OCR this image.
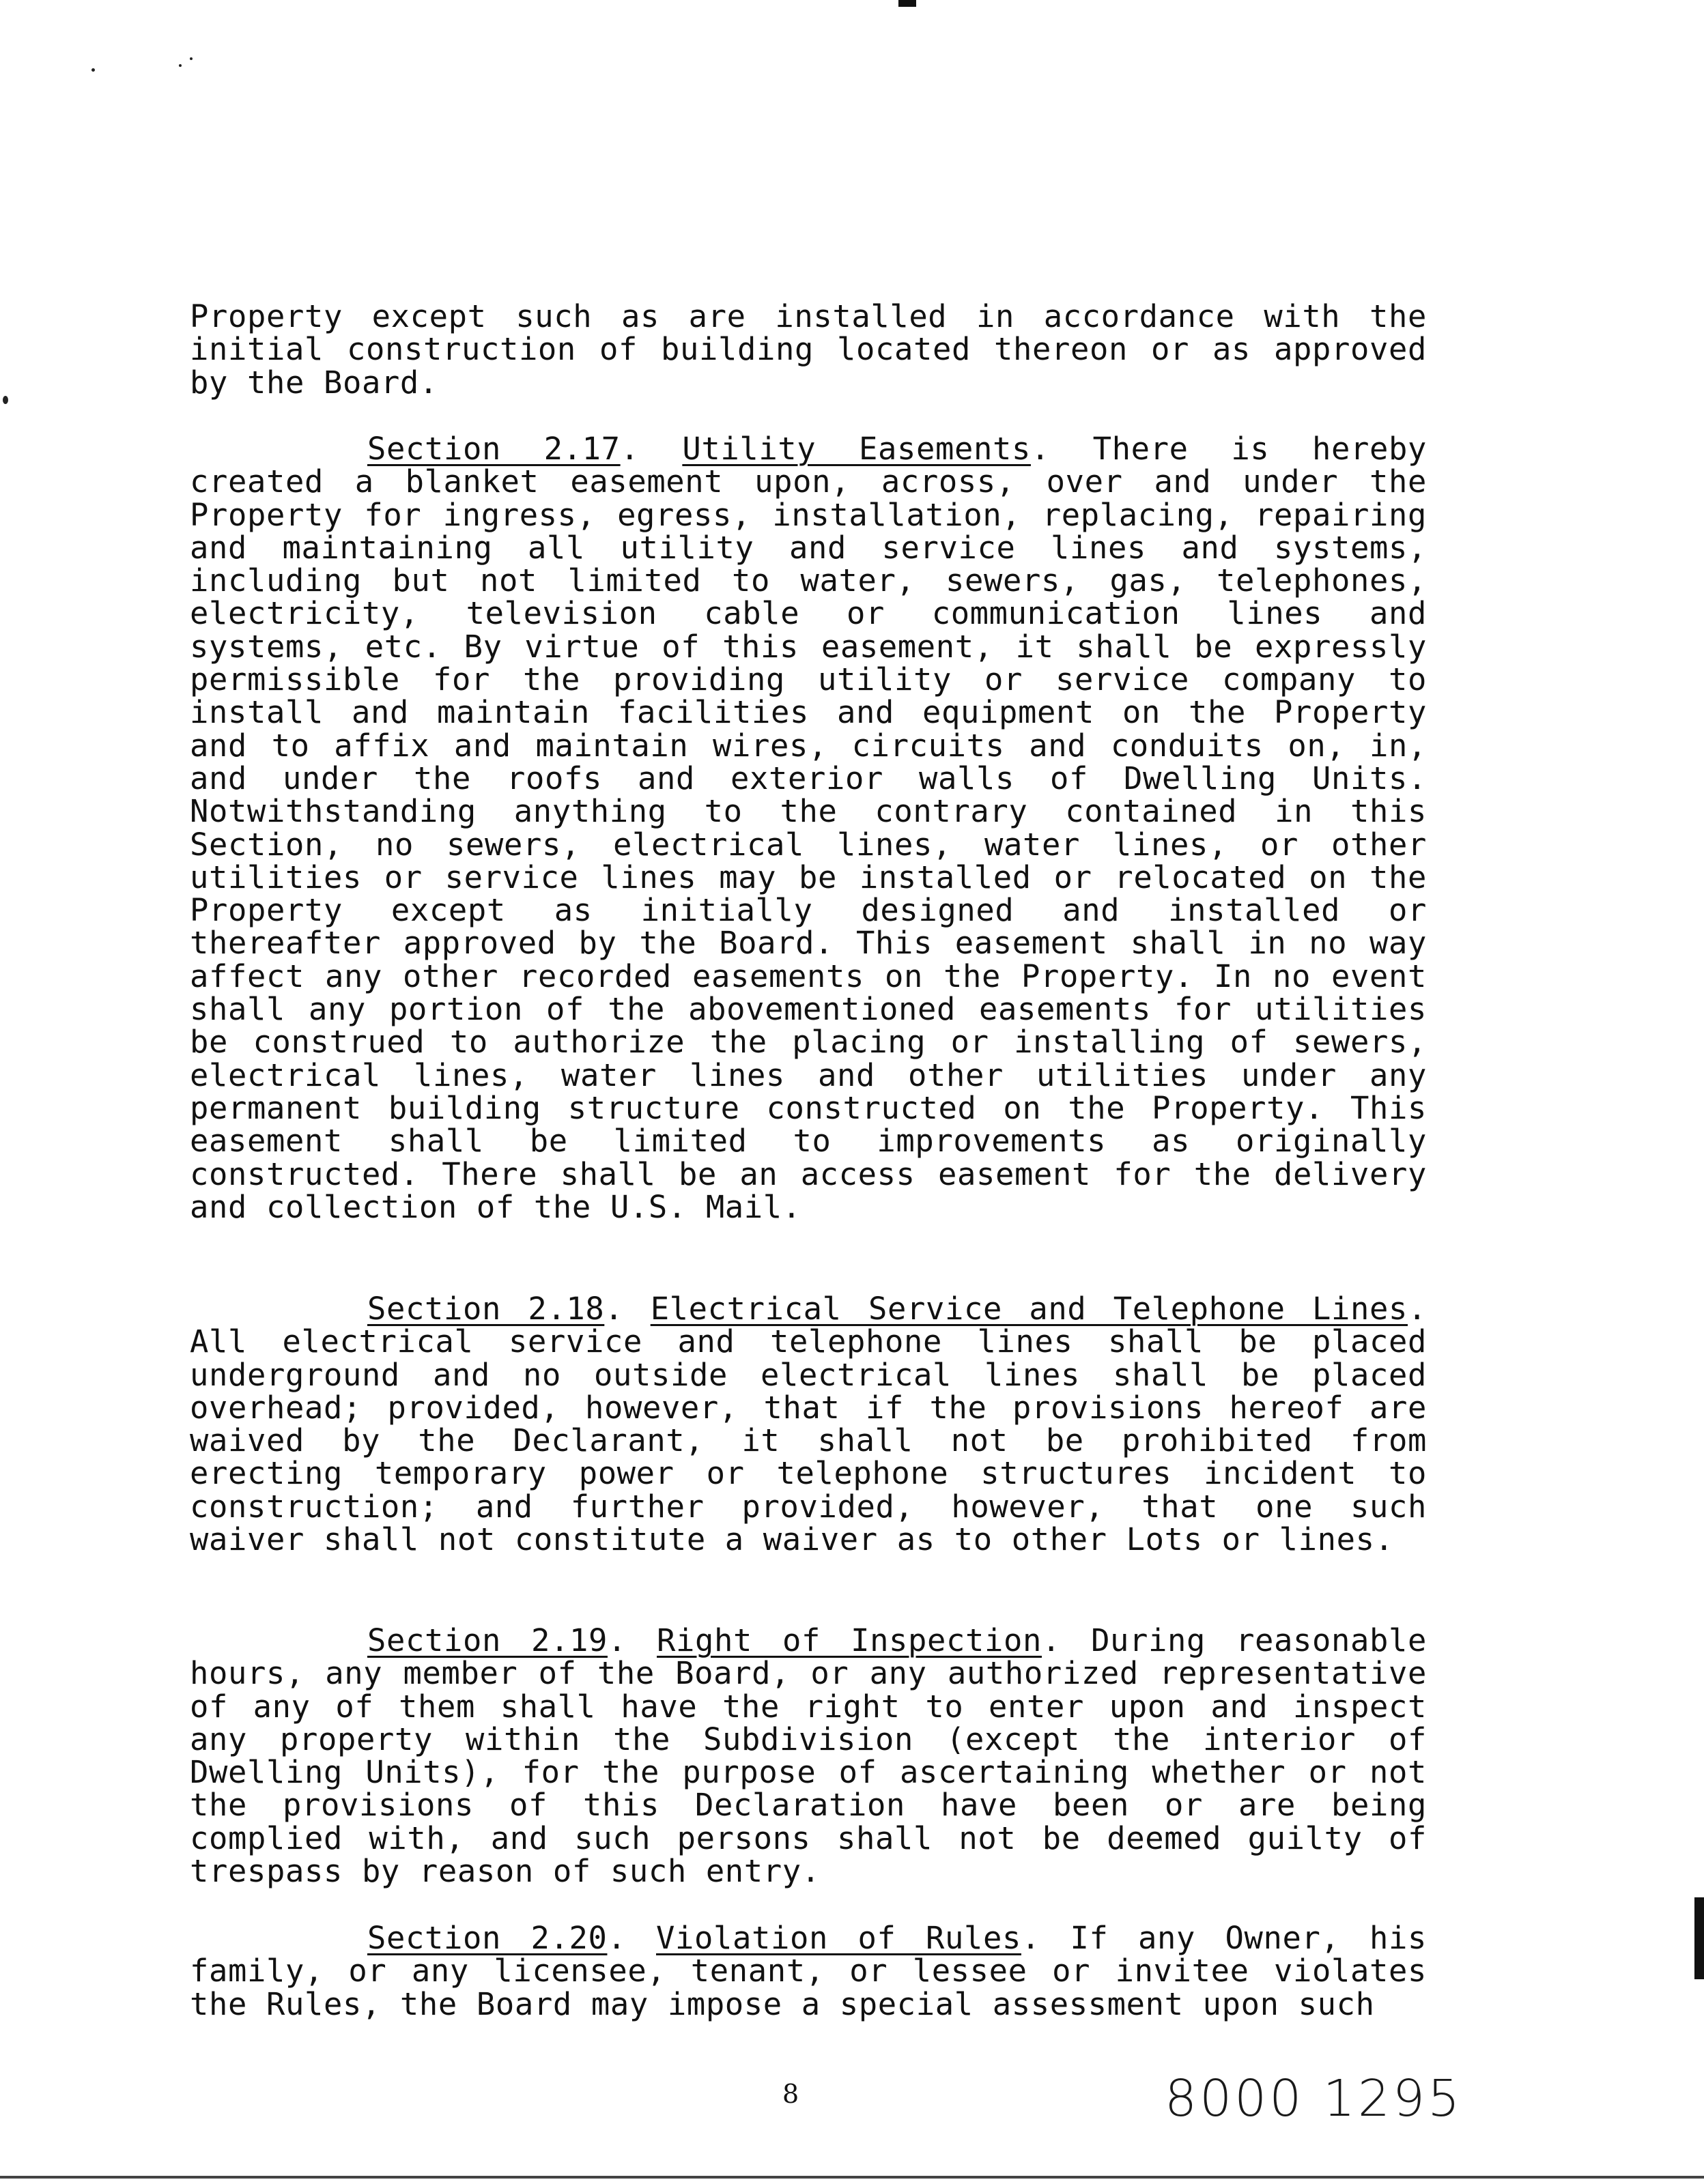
Property except such as are installed in accordance with the initial construction of building located thereon or as approved by the Board.

Section 2.17. Utility Easements. There is hereby created a blanket easement upon, across, over and under the Property for ingress, egress, installation, replacing, repairing and maintaining all utility and service lines and systems, including but not limited to water, sewers, gas, telephones, electricity, television cable or communication lines and systems, etc. By virtue of this easement, it shall be expressly permissible for the providing utility or service company to install and maintain facilities and equipment on the Property and to affix and maintain wires, circuits and conduits on, in, and under the roofs and exterior walls of Dwelling Units. Notwithstanding anything to the contrary contained in this Section, no sewers, electrical lines, water lines, or other utilities or service lines may be installed or relocated on the Property except as initially designed and installed or thereafter approved by the Board. This easement shall in no way affect any other recorded easements on the Property. In no event shall any portion of the abovementioned easements for utilities be construed to authorize the placing or installing of sewers, electrical lines, water lines and other utilities under any permanent building structure constructed on the Property. This easement shall be limited to improvements as originally constructed. There shall be an access easement for the delivery and collection of the U.S. Mail.

Section 2.18. Electrical Service and Telephone Lines. All electrical service and telephone lines shall be placed underground and no outside electrical lines shall be placed overhead; provided, however, that if the provisions hereof are waived by the Declarant, it shall not be prohibited from erecting temporary power or telephone structures incident to construction; and further provided, however, that one such waiver shall not constitute a waiver as to other Lots or lines.

Section 2.19. Right of Inspection. During reasonable hours, any member of the Board, or any authorized representative of any of them shall have the right to enter upon and inspect any property within the Subdivision (except the interior of Dwelling Units), for the purpose of ascertaining whether or not the provisions of this Declaration have been or are being complied with, and such persons shall not be deemed guilty of trespass by reason of such entry.

Section 2.20. Violation of Rules. If any Owner, his family, or any licensee, tenant, or lessee or invitee violates the Rules, the Board may impose a special assessment upon such

8	8000 1295
